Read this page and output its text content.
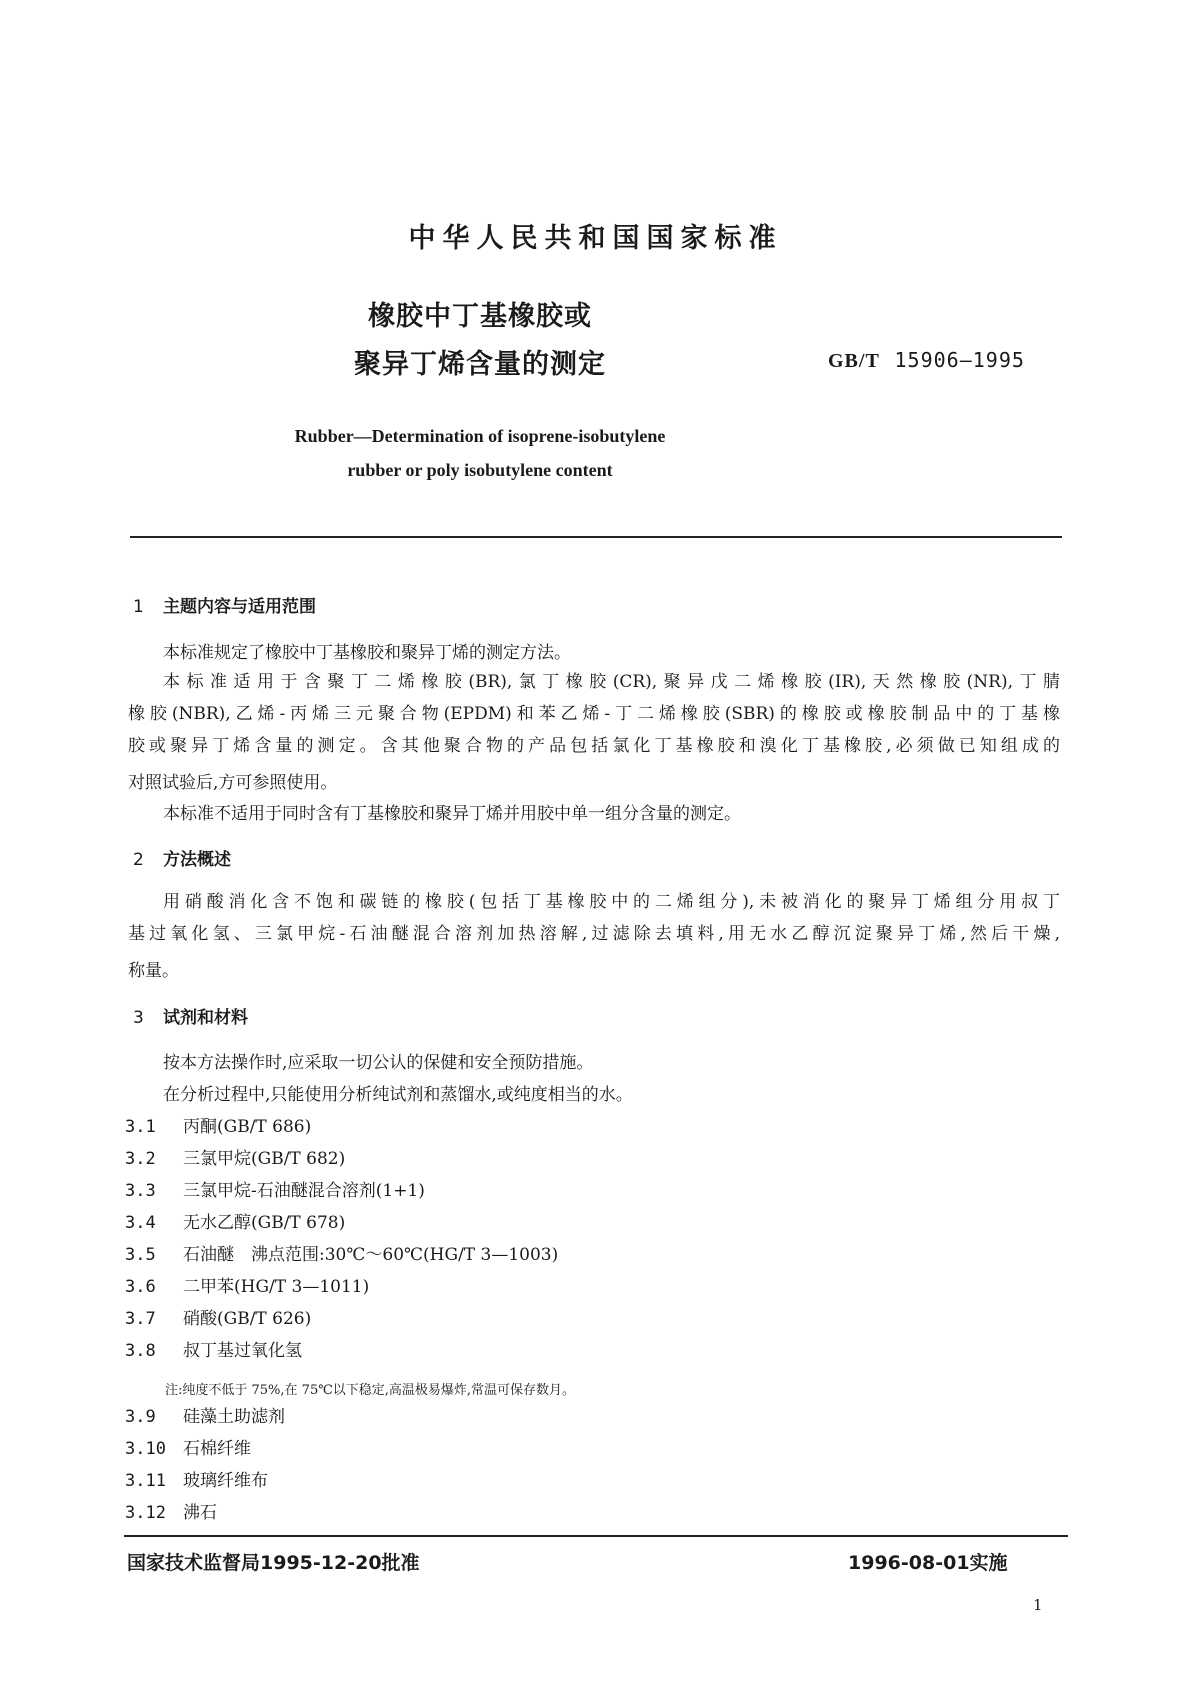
中华人民共和国国家标准
橡胶中丁基橡胶或
聚异丁烯含量的测定	GB/T 15906—1995
Rubber—Determination of isoprene-isobutylene
rubber or poly isobutylene content
1 主题内容与适用范围
本标准规定了橡胶中丁基橡胶和聚异丁烯的测定方法。
本标准适用于含聚丁二烯橡胶(BR),氯丁橡胶(CR),聚异戊二烯橡胶(IR),天然橡胶(NR),丁腈
橡胶(NBR),乙烯-丙烯三元聚合物(EPDM)和苯乙烯-丁二烯橡胶(SBR)的橡胶或橡胶制品中的丁基橡
胶或聚异丁烯含量的测定。含其他聚合物的产品包括氯化丁基橡胶和溴化丁基橡胶,必须做已知组成的
对照试验后,方可参照使用。
本标准不适用于同时含有丁基橡胶和聚异丁烯并用胶中单一组分含量的测定。
2 方法概述
用硝酸消化含不饱和碳链的橡胶(包括丁基橡胶中的二烯组分),未被消化的聚异丁烯组分用叔丁
基过氧化氢、三氯甲烷-石油醚混合溶剂加热溶解,过滤除去填料,用无水乙醇沉淀聚异丁烯,然后干燥,
称量。
3 试剂和材料
按本方法操作时,应采取一切公认的保健和安全预防措施。
在分析过程中,只能使用分析纯试剂和蒸馏水,或纯度相当的水。
3.1 丙酮(GB/T 686)
3.2 三氯甲烷(GB/T 682)
3.3 三氯甲烷-石油醚混合溶剂(1+1)
3.4 无水乙醇(GB/T 678)
3.5 石油醚　沸点范围:30℃～60℃(HG/T 3—1003)
3.6 二甲苯(HG/T 3—1011)
3.7 硝酸(GB/T 626)
3.8 叔丁基过氧化氢
注:纯度不低于 75%,在 75℃以下稳定,高温极易爆炸,常温可保存数月。
3.9 硅藻土助滤剂
3.10 石棉纤维
3.11 玻璃纤维布
3.12 沸石
国家技术监督局1995-12-20批准	1996-08-01实施
1
